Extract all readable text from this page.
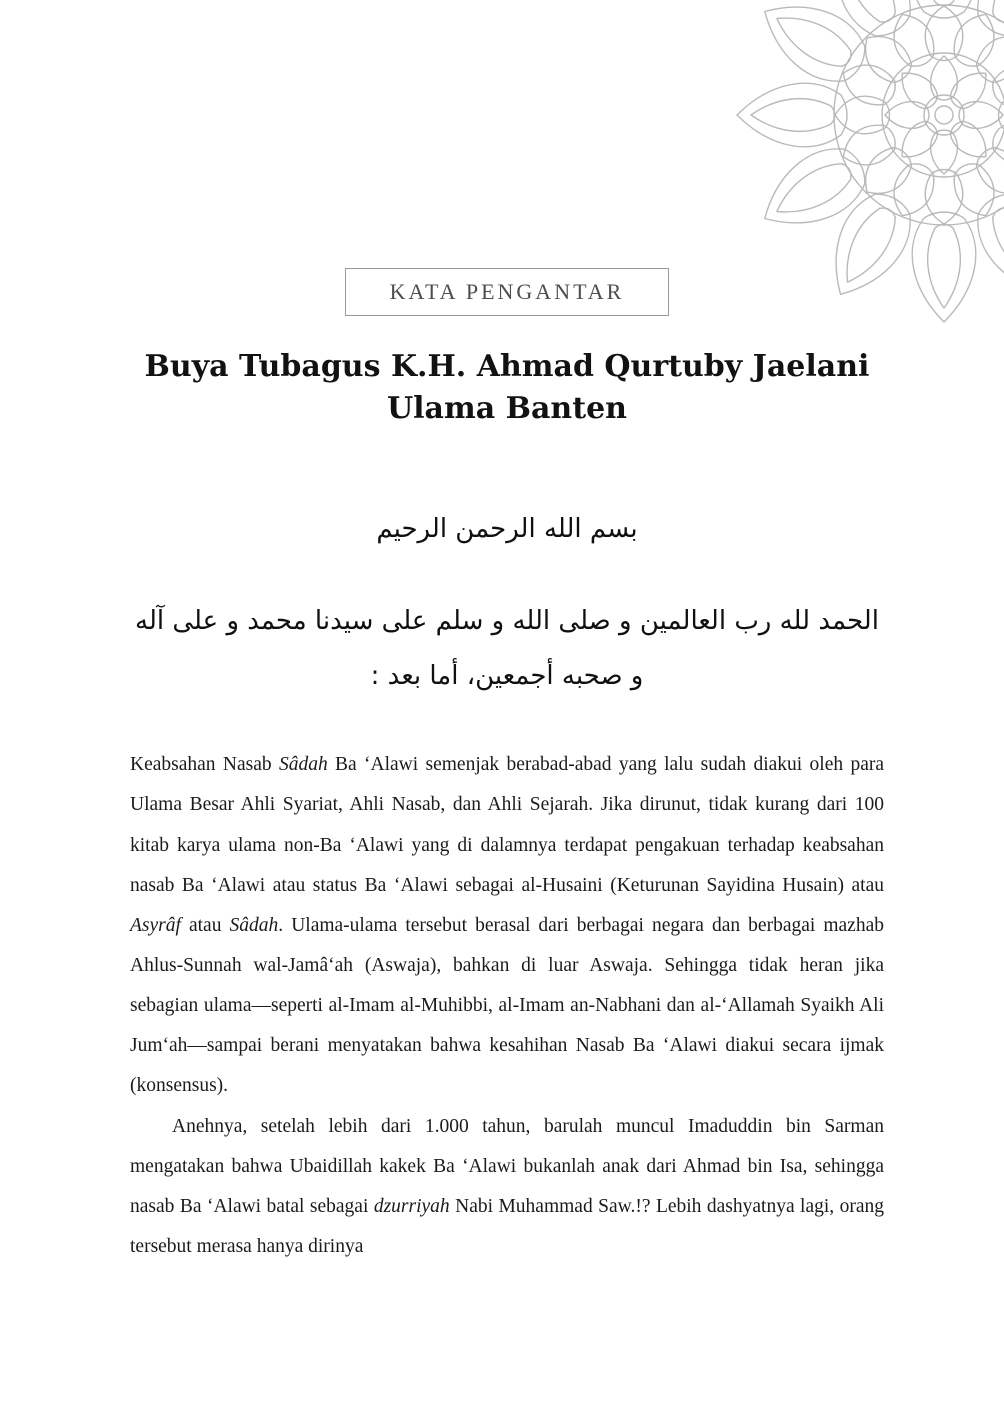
KATA PENGANTAR
Buya Tubagus K.H. Ahmad Qurtuby Jaelani
Ulama Banten
بسم الله الرحمن الرحيم
الحمد لله رب العالمين و صلى الله و سلم على سيدنا محمد و على آله
و صحبه أجمعين، أما بعد :

Keabsahan Nasab Sâdah Ba ‘Alawi semenjak berabad-abad yang lalu sudah diakui oleh para Ulama Besar Ahli Syariat, Ahli Nasab, dan Ahli Sejarah. Jika dirunut, tidak kurang dari 100 kitab karya ulama non-Ba ‘Alawi yang di dalamnya terdapat pengakuan terhadap keabsahan nasab Ba ‘Alawi atau status Ba ‘Alawi sebagai al-Husaini (Keturunan Sayidina Husain) atau Asyrâf atau Sâdah. Ulama-ulama tersebut berasal dari berbagai negara dan berbagai mazhab Ahlus-Sunnah wal-Jamâ‘ah (Aswaja), bahkan di luar Aswaja. Sehingga tidak heran jika sebagian ulama—seperti al-Imam al-Muhibbi, al-Imam an-Nabhani dan al-‘Allamah Syaikh Ali Jum‘ah—sampai berani menyatakan bahwa kesahihan Nasab Ba ‘Alawi diakui secara ijmak (konsensus).

Anehnya, setelah lebih dari 1.000 tahun, barulah muncul Imaduddin bin Sarman mengatakan bahwa Ubaidillah kakek Ba ‘Alawi bukanlah anak dari Ahmad bin Isa, sehingga nasab Ba ‘Alawi batal sebagai dzurriyah Nabi Muhammad Saw.!? Lebih dashyatnya lagi, orang tersebut merasa hanya dirinya
